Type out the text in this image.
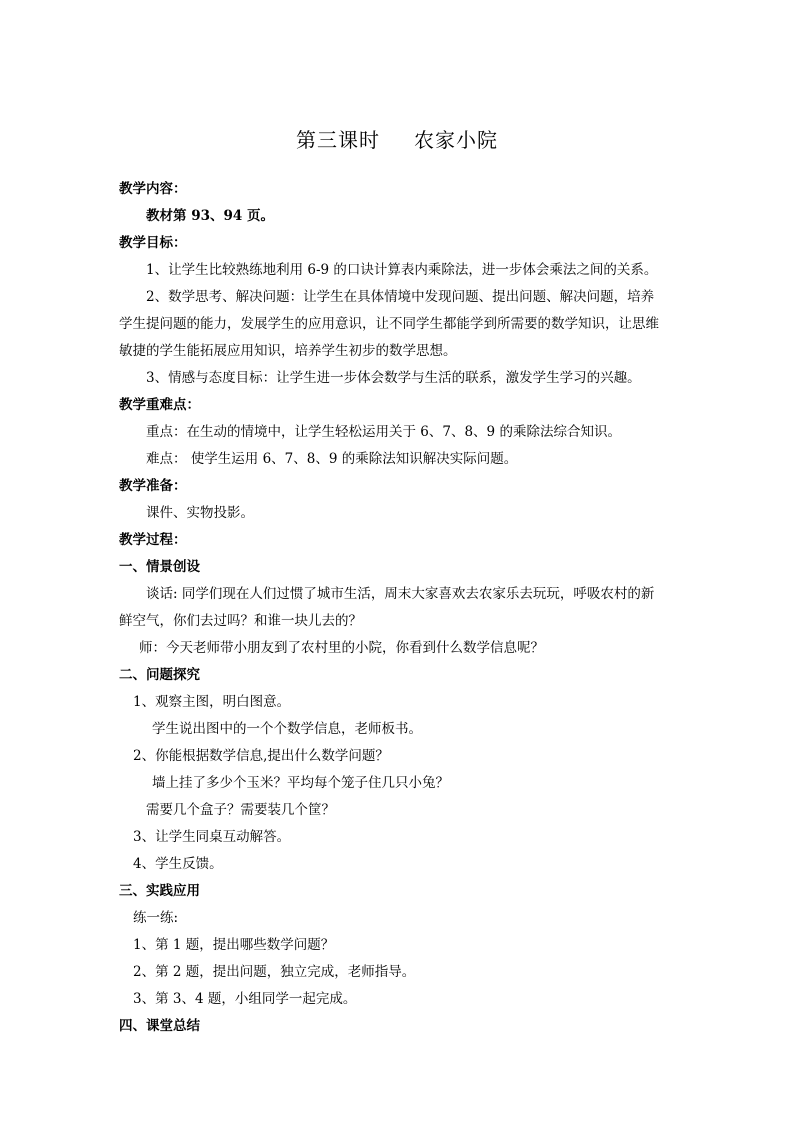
第三课时 农家小院
教学内容：
教材第 93、94 页。
教学目标：
1、让学生比较熟练地利用 6-9 的口诀计算表内乘除法，进一步体会乘法之间的关系。
2、数学思考、解决问题：让学生在具体情境中发现问题、提出问题、解决问题，培养
学生提问题的能力，发展学生的应用意识，让不同学生都能学到所需要的数学知识，让思维
敏捷的学生能拓展应用知识，培养学生初步的数学思想。
3、情感与态度目标：让学生进一步体会数学与生活的联系，激发学生学习的兴趣。
教学重难点：
重点：在生动的情境中，让学生轻松运用关于 6、7、8、9 的乘除法综合知识。
难点： 使学生运用 6、7、8、9 的乘除法知识解决实际问题。
教学准备：
课件、实物投影。
教学过程：
一、情景创设
谈话: 同学们现在人们过惯了城市生活，周末大家喜欢去农家乐去玩玩，呼吸农村的新
鲜空气，你们去过吗？和谁一块儿去的？
师：今天老师带小朋友到了农村里的小院，你看到什么数学信息呢？
二、问题探究
1、观察主图，明白图意。
学生说出图中的一个个数学信息，老师板书。
2、你能根据数学信息,提出什么数学问题？
墙上挂了多少个玉米？平均每个笼子住几只小兔？
需要几个盒子？需要装几个筐？
3、让学生同桌互动解答。
4、学生反馈。
三、实践应用
练一练:
1、第 1 题，提出哪些数学问题？
2、第 2 题，提出问题，独立完成，老师指导。
3、第 3、4 题，小组同学一起完成。
四、课堂总结
